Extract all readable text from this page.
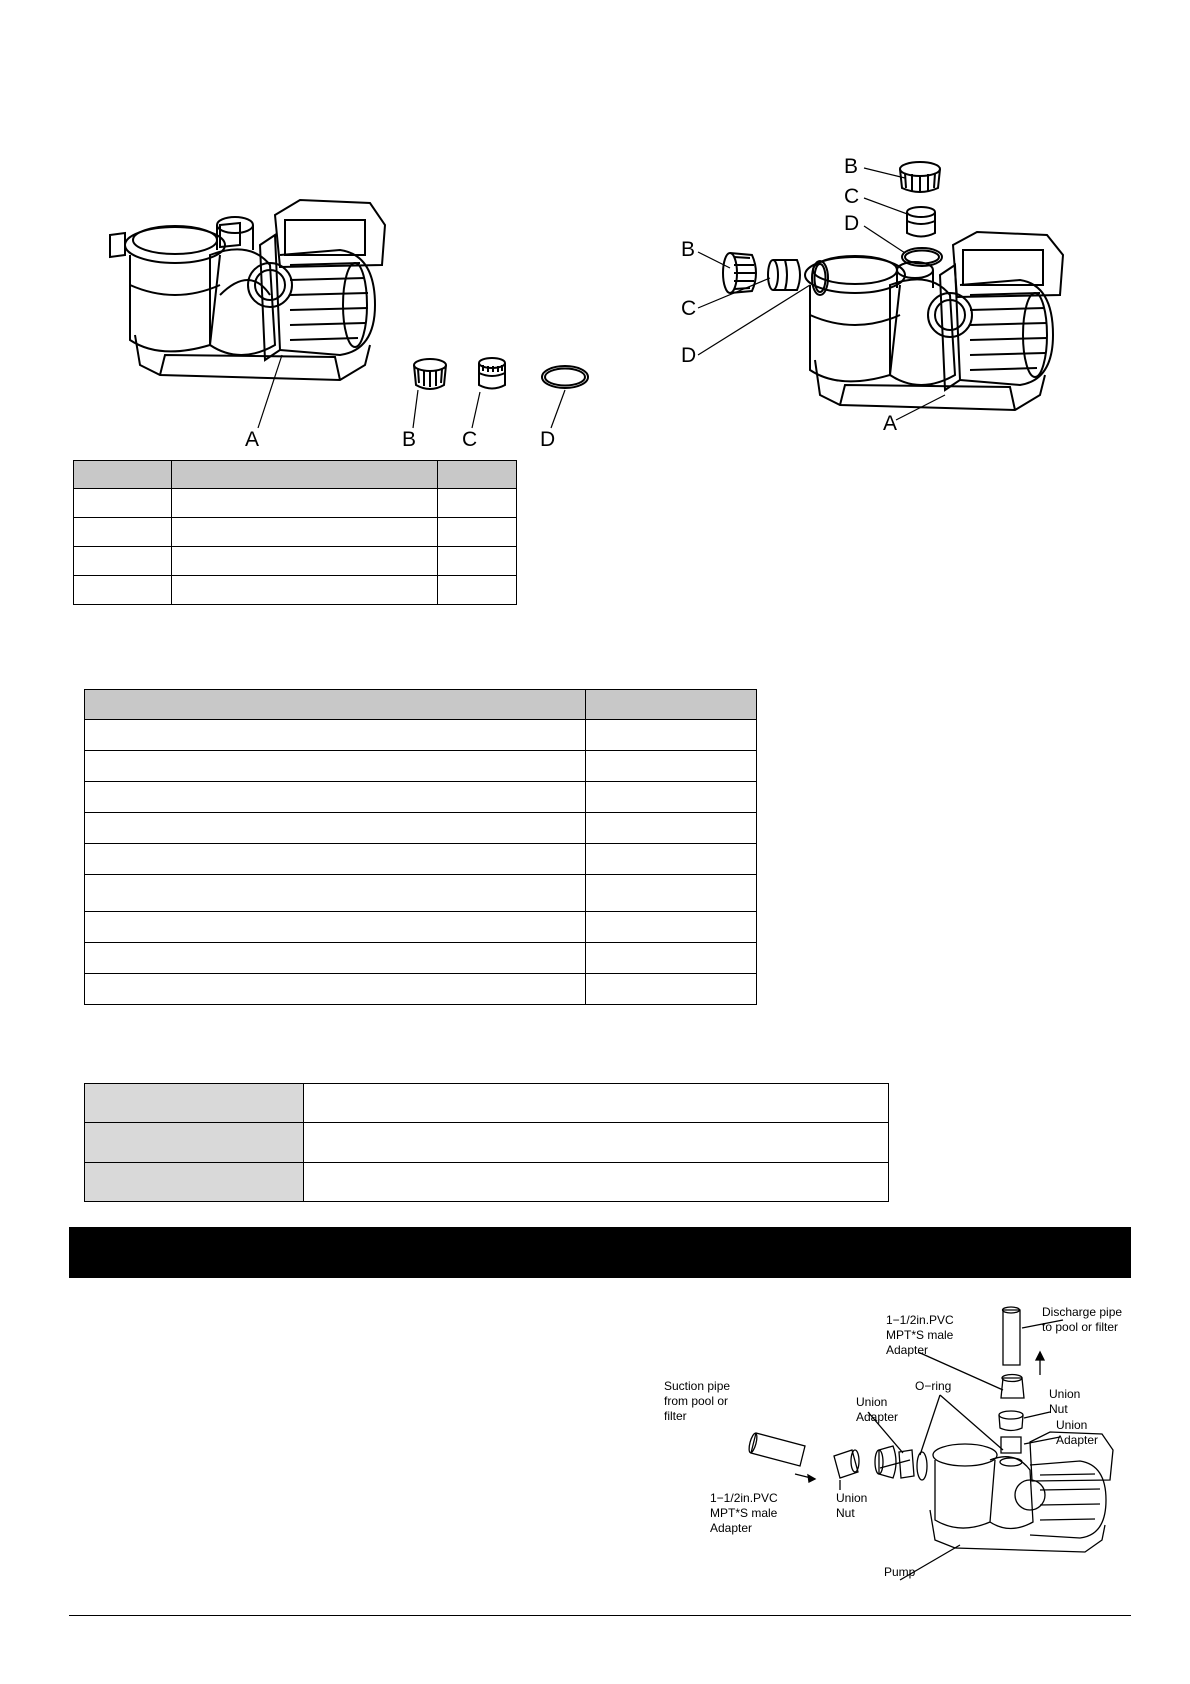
A	B C	D
B
C
D
B
C
D
A

Suction pipe
from pool or
filter
1−1/2in.PVC
MPT*S male
Adapter
Union
Nut
Union
Adapter
O−ring
1−1/2in.PVC
MPT*S male
Adapter
Discharge pipe
to pool or filter
Union
Nut
Union
Adapter
Pump
